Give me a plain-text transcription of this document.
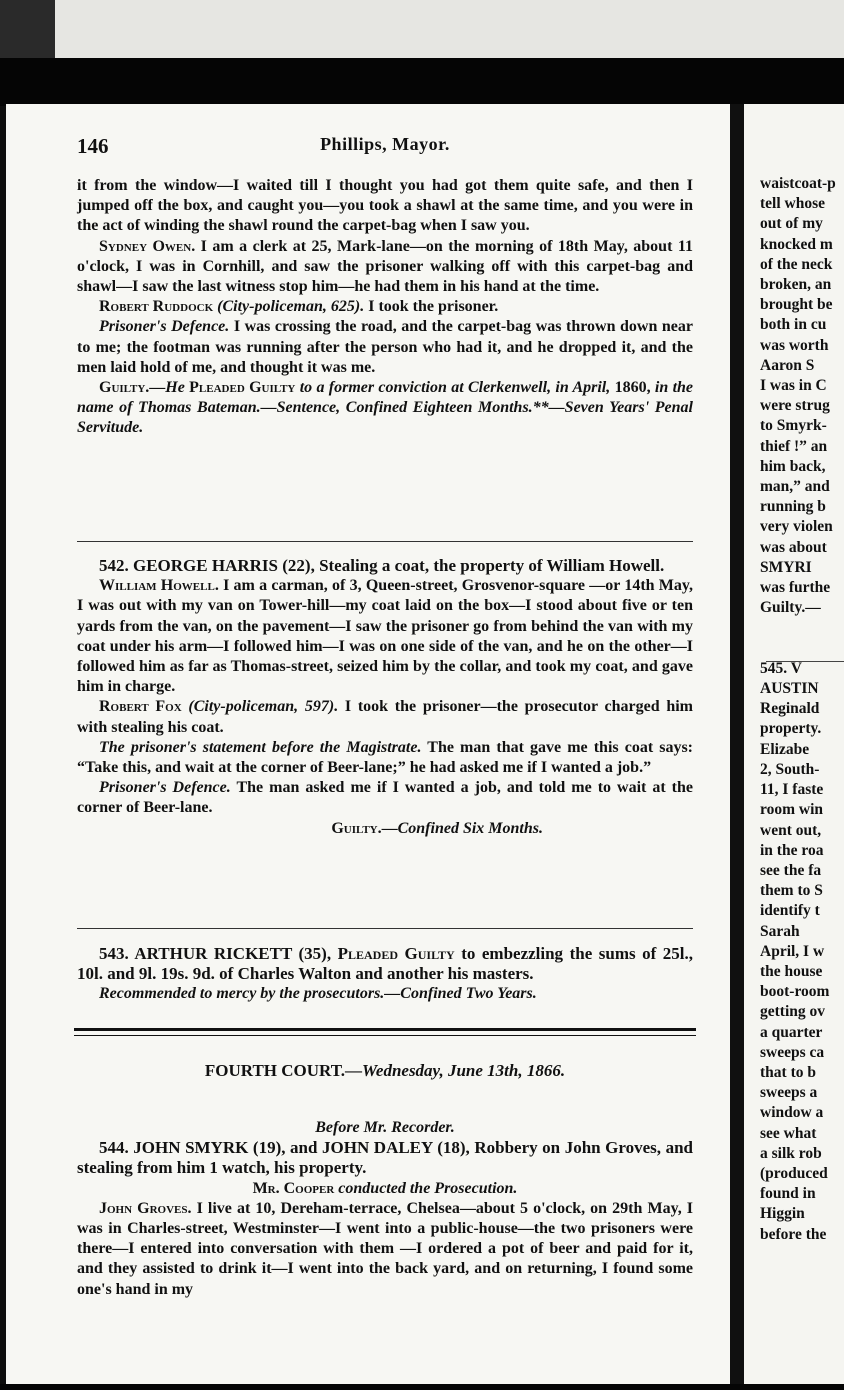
waistcoat-p
tell whose
out of my
knocked m
of the neck
broken, an
brought be
both in cu
was worth
Aaron S
I was in C
were strug
to Smyrk-
thief !” an
him back,
man,” and
running b
very violen
was about
SMYRI
was furthe
Guilty.—

545. V
AUSTIN
Reginald
property.
Elizabe
2, South-
11, I faste
room win
went out,
in the roa
see the fa
them to S
identify t
Sarah
April, I w
the house
boot-room
getting ov
a quarter
sweeps ca
that to b
sweeps a
window a
see what
a silk rob
(produced
found in
Higgin
before the
146	Phillips, Mayor.

it from the window—I waited till I thought you had got them quite safe, and then I jumped off the box, and caught you—you took a shawl at the same time, and you were in the act of winding the shawl round the carpet-bag when I saw you.

Sydney Owen. I am a clerk at 25, Mark-lane—on the morning of 18th May, about 11 o'clock, I was in Cornhill, and saw the prisoner walking off with this carpet-bag and shawl—I saw the last witness stop him—he had them in his hand at the time.

Robert Ruddock (City-policeman, 625). I took the prisoner.

Prisoner's Defence. I was crossing the road, and the carpet-bag was thrown down near to me; the footman was running after the person who had it, and he dropped it, and the men laid hold of me, and thought it was me.

Guilty.—He Pleaded Guilty to a former conviction at Clerkenwell, in April, 1860, in the name of Thomas Bateman.—Sentence, Confined Eighteen Months.**—Seven Years' Penal Servitude.

542. GEORGE HARRIS (22), Stealing a coat, the property of William Howell.

William Howell. I am a carman, of 3, Queen-street, Grosvenor-square —or 14th May, I was out with my van on Tower-hill—my coat laid on the box—I stood about five or ten yards from the van, on the pavement—I saw the prisoner go from behind the van with my coat under his arm—I followed him—I was on one side of the van, and he on the other—I followed him as far as Thomas-street, seized him by the collar, and took my coat, and gave him in charge.

Robert Fox (City-policeman, 597). I took the prisoner—the prosecutor charged him with stealing his coat.

The prisoner's statement before the Magistrate. The man that gave me this coat says: “Take this, and wait at the corner of Beer-lane;” he had asked me if I wanted a job.”

Prisoner's Defence. The man asked me if I wanted a job, and told me to wait at the corner of Beer-lane.

Guilty.—Confined Six Months.

543. ARTHUR RICKETT (35), Pleaded Guilty to embezzling the sums of 25l., 10l. and 9l. 19s. 9d. of Charles Walton and another his masters.

Recommended to mercy by the prosecutors.—Confined Two Years.

FOURTH COURT.—Wednesday, June 13th, 1866.

Before Mr. Recorder.

544. JOHN SMYRK (19), and JOHN DALEY (18), Robbery on John Groves, and stealing from him 1 watch, his property.

Mr. Cooper conducted the Prosecution.

John Groves. I live at 10, Dereham-terrace, Chelsea—about 5 o'clock, on 29th May, I was in Charles-street, Westminster—I went into a public-house—the two prisoners were there—I entered into conversation with them —I ordered a pot of beer and paid for it, and they assisted to drink it—I went into the back yard, and on returning, I found some one's hand in my
